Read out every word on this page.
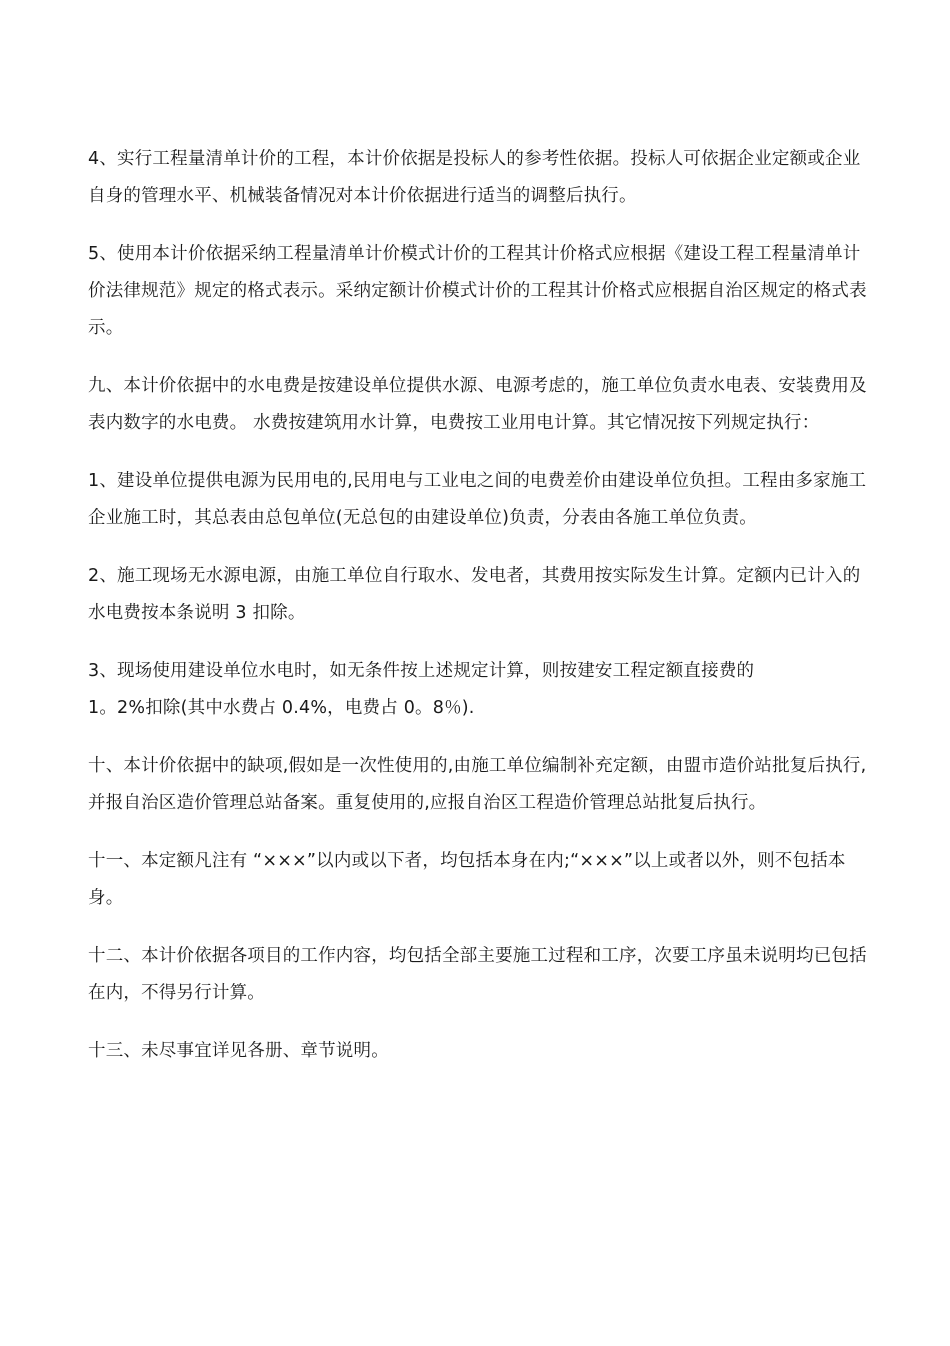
4、实行工程量清单计价的工程，本计价依据是投标人的参考性依据。投标人可依据企业定额或企业自身的管理水平、机械装备情况对本计价依据进行适当的调整后执行。

5、使用本计价依据采纳工程量清单计价模式计价的工程其计价格式应根据《建设工程工程量清单计价法律规范》规定的格式表示。采纳定额计价模式计价的工程其计价格式应根据自治区规定的格式表示。

九、本计价依据中的水电费是按建设单位提供水源、电源考虑的，施工单位负责水电表、安装费用及表内数字的水电费。 水费按建筑用水计算，电费按工业用电计算。其它情况按下列规定执行：

1、建设单位提供电源为民用电的,民用电与工业电之间的电费差价由建设单位负担。工程由多家施工企业施工时，其总表由总包单位(无总包的由建设单位)负责，分表由各施工单位负责。

2、施工现场无水源电源，由施工单位自行取水、发电者，其费用按实际发生计算。定额内已计入的水电费按本条说明 3 扣除。

3、现场使用建设单位水电时，如无条件按上述规定计算，则按建安工程定额直接费的
1。2%扣除(其中水费占 0.4%，电费占 0。8％).

十、本计价依据中的缺项,假如是一次性使用的,由施工单位编制补充定额，由盟市造价站批复后执行,并报自治区造价管理总站备案。重复使用的,应报自治区工程造价管理总站批复后执行。

十一、本定额凡注有 “×××”以内或以下者，均包括本身在内;“×××”以上或者以外，则不包括本身。

十二、本计价依据各项目的工作内容，均包括全部主要施工过程和工序，次要工序虽未说明均已包括在内，不得另行计算。

十三、未尽事宜详见各册、章节说明。
